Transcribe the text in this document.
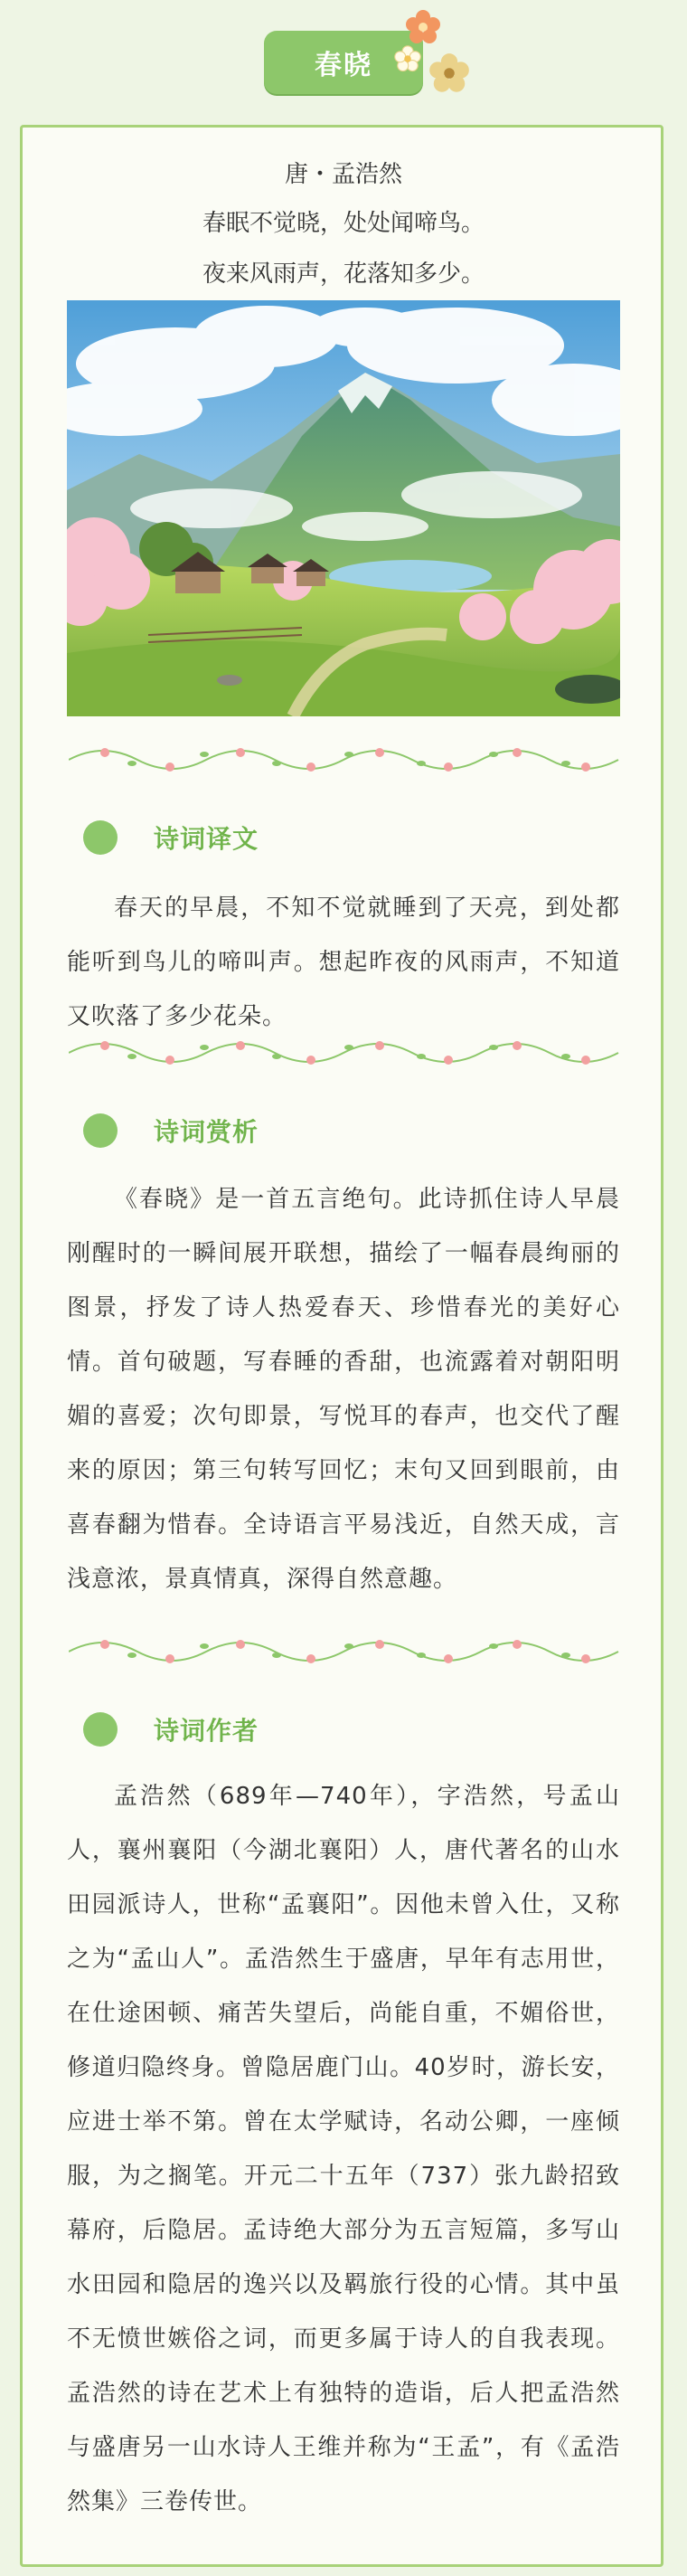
春晓
唐・孟浩然
春眠不觉晓，处处闻啼鸟。
夜来风雨声，花落知多少。
诗词译文
春天的早晨，不知不觉就睡到了天亮，到处都能听到鸟儿的啼叫声。想起昨夜的风雨声，不知道又吹落了多少花朵。
诗词赏析
《春晓》是一首五言绝句。此诗抓住诗人早晨刚醒时的一瞬间展开联想，描绘了一幅春晨绚丽的图景，抒发了诗人热爱春天、珍惜春光的美好心情。首句破题，写春睡的香甜，也流露着对朝阳明媚的喜爱；次句即景，写悦耳的春声，也交代了醒来的原因；第三句转写回忆；末句又回到眼前，由喜春翻为惜春。全诗语言平易浅近，自然天成，言浅意浓，景真情真，深得自然意趣。
诗词作者
孟浩然（689年—740年），字浩然，号孟山人，襄州襄阳（今湖北襄阳）人，唐代著名的山水田园派诗人，世称“孟襄阳”。因他未曾入仕，又称之为“孟山人”。孟浩然生于盛唐，早年有志用世，在仕途困顿、痛苦失望后，尚能自重，不媚俗世，修道归隐终身。曾隐居鹿门山。40岁时，游长安，应进士举不第。曾在太学赋诗，名动公卿，一座倾服，为之搁笔。开元二十五年（737）张九龄招致幕府，后隐居。孟诗绝大部分为五言短篇，多写山水田园和隐居的逸兴以及羁旅行役的心情。其中虽不无愤世嫉俗之词，而更多属于诗人的自我表现。孟浩然的诗在艺术上有独特的造诣，后人把孟浩然与盛唐另一山水诗人王维并称为“王孟”，有《孟浩然集》三卷传世。
